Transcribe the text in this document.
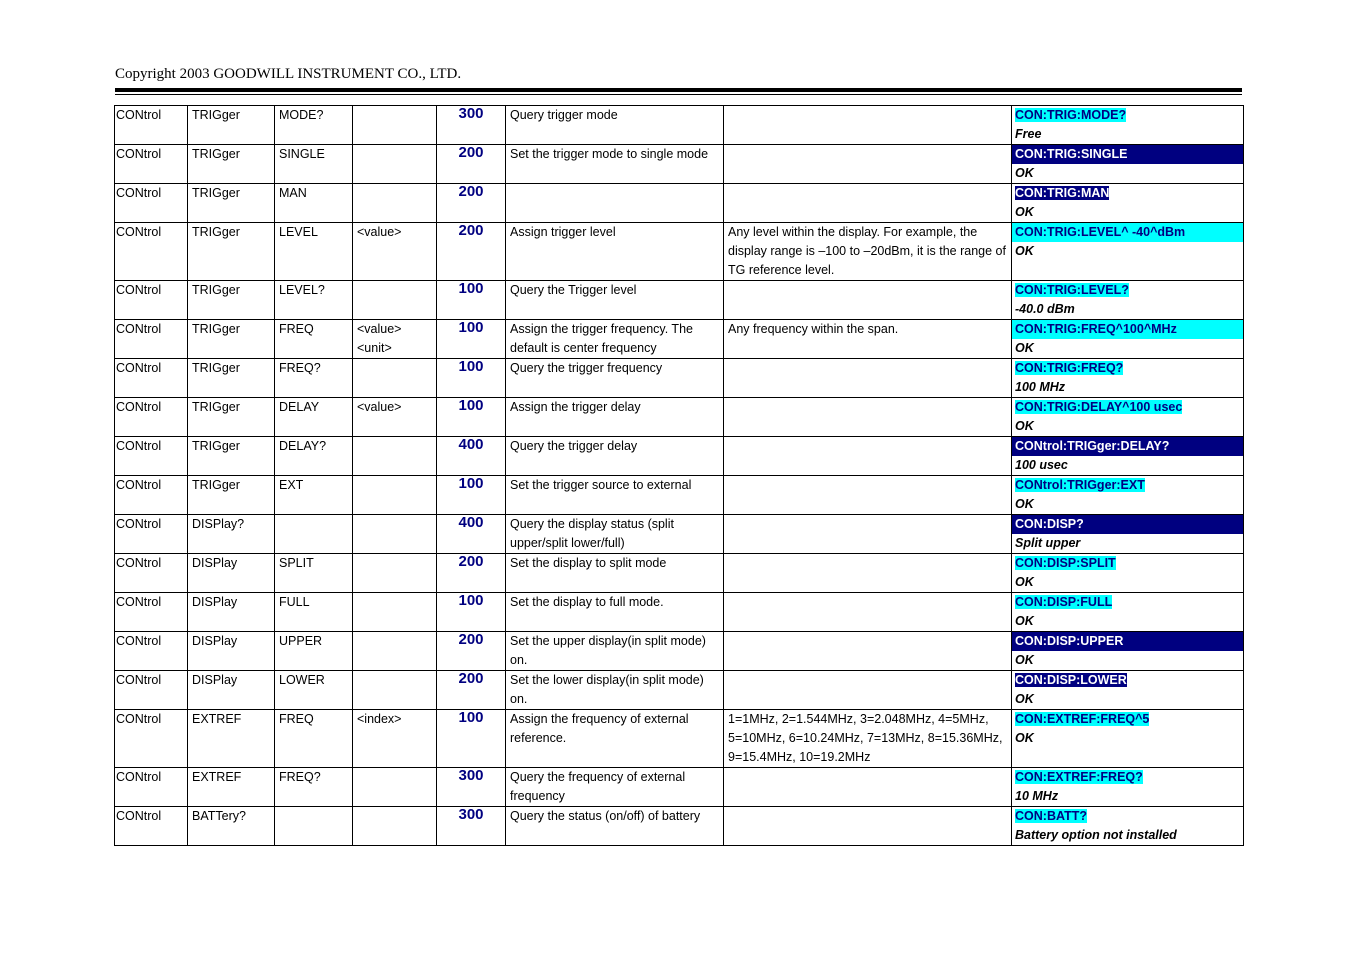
Copyright 2003 GOODWILL INSTRUMENT CO., LTD.
CONtrol	TRIGger	MODE?		300	Query trigger mode		CON:TRIG:MODE?
Free

CONtrol	TRIGger	SINGLE		200	Set the trigger mode to single mode		CON:TRIG:SINGLE
OK

CONtrol	TRIGger	MAN		200			CON:TRIG:MAN
OK

CONtrol	TRIGger	LEVEL	<value>	200	Assign trigger level	Any level within the display. For example, the display range is –100 to –20dBm, it is the range of TG reference level.	CON:TRIG:LEVEL^ -40^dBm
OK

CONtrol	TRIGger	LEVEL?		100	Query the Trigger level		CON:TRIG:LEVEL?
-40.0 dBm

CONtrol	TRIGger	FREQ	<value> <unit>	100	Assign the trigger frequency. The default is center frequency	Any frequency within the span.	CON:TRIG:FREQ^100^MHz
OK

CONtrol	TRIGger	FREQ?		100	Query the trigger frequency		CON:TRIG:FREQ?
100 MHz

CONtrol	TRIGger	DELAY	<value>	100	Assign the trigger delay		CON:TRIG:DELAY^100 usec
OK

CONtrol	TRIGger	DELAY?		400	Query the trigger delay		CONtrol:TRIGger:DELAY?
100 usec

CONtrol	TRIGger	EXT		100	Set the trigger source to external		CONtrol:TRIGger:EXT
OK

CONtrol	DISPlay?			400	Query the display status (split upper/split lower/full)		CON:DISP?
Split upper

CONtrol	DISPlay	SPLIT		200	Set the display to split mode		CON:DISP:SPLIT
OK

CONtrol	DISPlay	FULL		100	Set the display to full mode.		CON:DISP:FULL
OK

CONtrol	DISPlay	UPPER		200	Set the upper display(in split mode) on.		CON:DISP:UPPER
OK

CONtrol	DISPlay	LOWER		200	Set the lower display(in split mode) on.		CON:DISP:LOWER
OK

CONtrol	EXTREF	FREQ	<index>	100	Assign the frequency of external reference.	1=1MHz, 2=1.544MHz, 3=2.048MHz, 4=5MHz, 5=10MHz, 6=10.24MHz, 7=13MHz, 8=15.36MHz, 9=15.4MHz, 10=19.2MHz	CON:EXTREF:FREQ^5
OK

CONtrol	EXTREF	FREQ?		300	Query the frequency of external frequency		CON:EXTREF:FREQ?
10 MHz

CONtrol	BATTery?			300	Query the status (on/off) of battery		CON:BATT?
Battery option not installed
